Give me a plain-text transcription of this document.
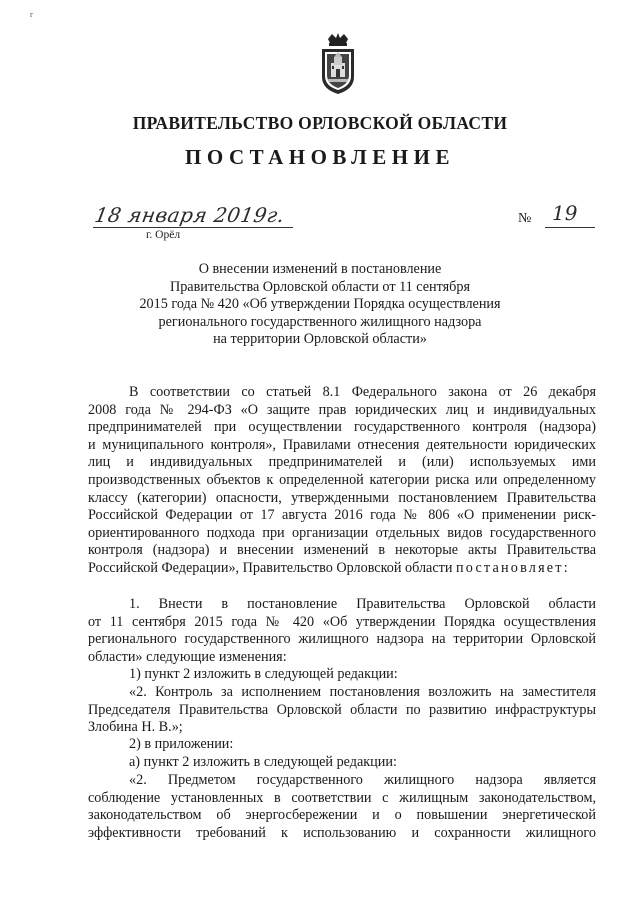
г
ПРАВИТЕЛЬСТВО ОРЛОВСКОЙ ОБЛАСТИ
ПОСТАНОВЛЕНИЕ
18 января 2019г.	№ 19
г. Орёл
О внесении изменений в постановление
Правительства Орловской области от 11 сентября
2015 года № 420 «Об утверждении Порядка осуществления
регионального государственного жилищного надзора
на территории Орловской области»

В соответствии со статьей 8.1 Федерального закона от 26 декабря

2008 года № 294-ФЗ «О защите прав юридических лиц и индивидуальных

предпринимателей при осуществлении государственного контроля (надзора)

и муниципального контроля», Правилами отнесения деятельности юридических

лиц и индивидуальных предпринимателей и (или) используемых ими

производственных объектов к определенной категории риска или определенному

классу (категории) опасности, утвержденными постановлением Правительства

Российской Федерации от 17 августа 2016 года № 806 «О применении риск-

ориентированного подхода при организации отдельных видов государственного

контроля (надзора) и внесении изменений в некоторые акты Правительства

Российской Федерации», Правительство Орловской области постановляет:

1. Внести в постановление Правительства Орловской области

от 11 сентября 2015 года № 420 «Об утверждении Порядка осуществления

регионального государственного жилищного надзора на территории Орловской

области» следующие изменения:

1) пункт 2 изложить в следующей редакции:

«2. Контроль за исполнением постановления возложить на заместителя

Председателя Правительства Орловской области по развитию инфраструктуры

Злобина Н. В.»;

2) в приложении:

а) пункт 2 изложить в следующей редакции:

«2. Предметом государственного жилищного надзора является

соблюдение установленных в соответствии с жилищным законодательством,

законодательством об энергосбережении и о повышении энергетической

эффективности требований к использованию и сохранности жилищного
